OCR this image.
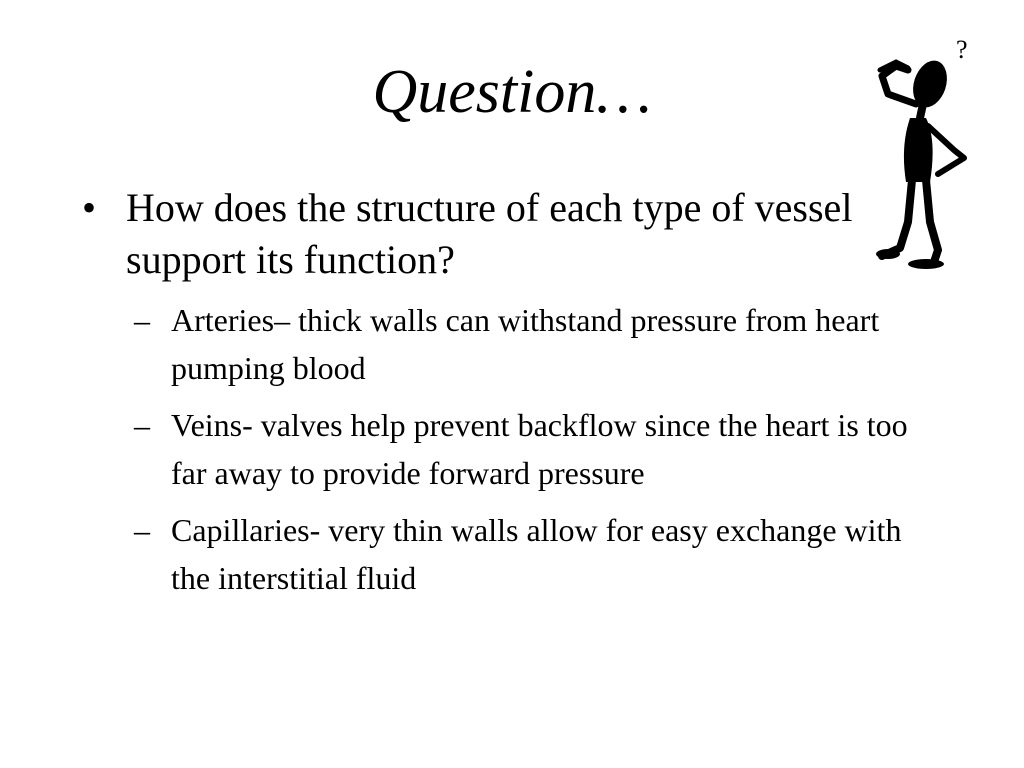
Question…
• How does the structure of each type of vessel support its function?
– Arteries– thick walls can withstand pressure from heart pumping blood
– Veins- valves help prevent backflow since the heart is too far away to provide forward pressure
– Capillaries- very thin walls allow for easy exchange with the interstitial fluid
?
